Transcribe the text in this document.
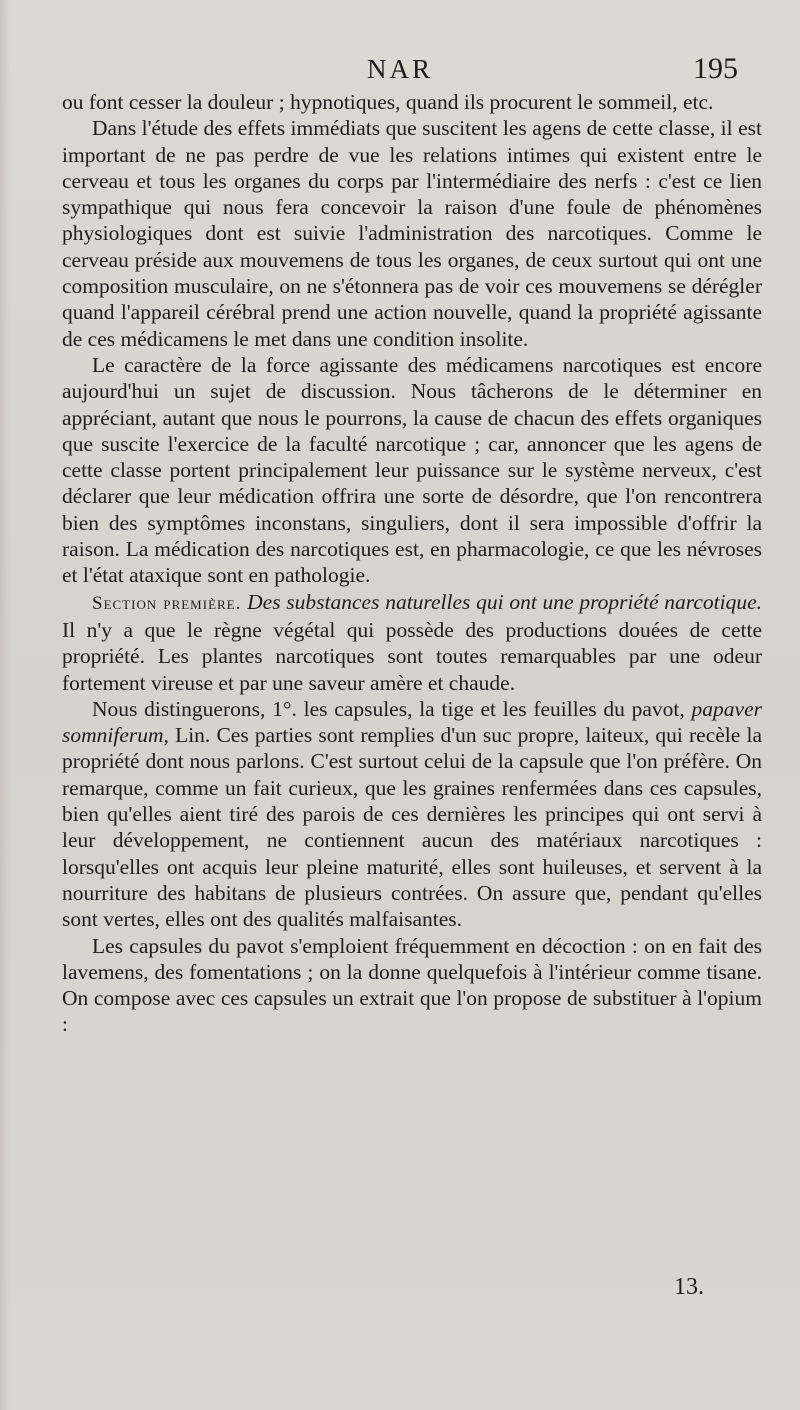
NAR	195

ou font cesser la douleur ; hypnotiques, quand ils procurent le sommeil, etc.

Dans l'étude des effets immédiats que suscitent les agens de cette classe, il est important de ne pas perdre de vue les relations intimes qui existent entre le cerveau et tous les organes du corps par l'intermédiaire des nerfs : c'est ce lien sympathique qui nous fera concevoir la raison d'une foule de phénomènes physiologiques dont est suivie l'administration des narcotiques. Comme le cerveau préside aux mouvemens de tous les organes, de ceux surtout qui ont une composition musculaire, on ne s'étonnera pas de voir ces mouvemens se dérégler quand l'appareil cérébral prend une action nouvelle, quand la propriété agissante de ces médicamens le met dans une condition insolite.

Le caractère de la force agissante des médicamens narcotiques est encore aujourd'hui un sujet de discussion. Nous tâcherons de le déterminer en appréciant, autant que nous le pourrons, la cause de chacun des effets organiques que suscite l'exercice de la faculté narcotique ; car, annoncer que les agens de cette classe portent principalement leur puissance sur le système nerveux, c'est déclarer que leur médication offrira une sorte de désordre, que l'on rencontrera bien des symptômes inconstans, singuliers, dont il sera impossible d'offrir la raison. La médication des narcotiques est, en pharmacologie, ce que les névroses et l'état ataxique sont en pathologie.

Section première. Des substances naturelles qui ont une propriété narcotique. Il n'y a que le règne végétal qui possède des productions douées de cette propriété. Les plantes narcotiques sont toutes remarquables par une odeur fortement vireuse et par une saveur amère et chaude.

Nous distinguerons, 1°. les capsules, la tige et les feuilles du pavot, papaver somniferum, Lin. Ces parties sont remplies d'un suc propre, laiteux, qui recèle la propriété dont nous parlons. C'est surtout celui de la capsule que l'on préfère. On remarque, comme un fait curieux, que les graines renfermées dans ces capsules, bien qu'elles aient tiré des parois de ces dernières les principes qui ont servi à leur développement, ne contiennent aucun des matériaux narcotiques : lorsqu'elles ont acquis leur pleine maturité, elles sont huileuses, et servent à la nourriture des habitans de plusieurs contrées. On assure que, pendant qu'elles sont vertes, elles ont des qualités malfaisantes.

Les capsules du pavot s'emploient fréquemment en décoction : on en fait des lavemens, des fomentations ; on la donne quelquefois à l'intérieur comme tisane. On compose avec ces capsules un extrait que l'on propose de substituer à l'opium :

13.
